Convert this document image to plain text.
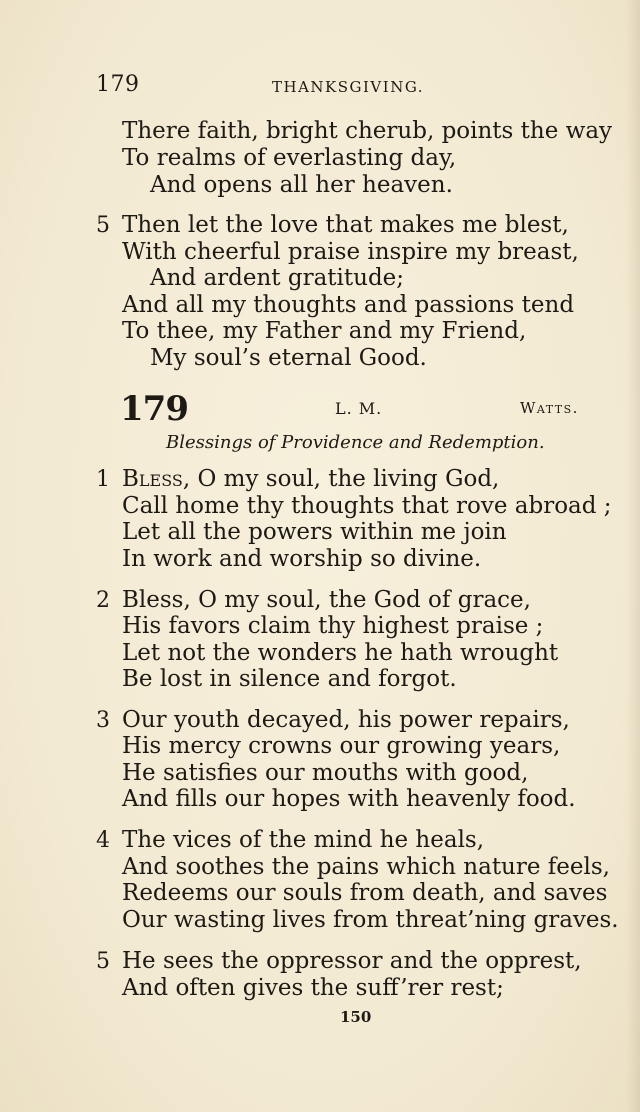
179	THANKSGIVING.
There faith, bright cherub, points the way
To realms of everlasting day,
And opens all her heaven.
5 Then let the love that makes me blest,
With cheerful praise inspire my breast,
And ardent gratitude;
And all my thoughts and passions tend
To thee, my Father and my Friend,
My soul’s eternal Good.
179	L. M.	Watts.
Blessings of Providence and Redemption.
1 Bless, O my soul, the living God,
Call home thy thoughts that rove abroad ;
Let all the powers within me join
In work and worship so divine.
2 Bless, O my soul, the God of grace,
His favors claim thy highest praise ;
Let not the wonders he hath wrought
Be lost in silence and forgot.
3 Our youth decayed, his power repairs,
His mercy crowns our growing years,
He satisfies our mouths with good,
And fills our hopes with heavenly food.
4 The vices of the mind he heals,
And soothes the pains which nature feels,
Redeems our souls from death, and saves
Our wasting lives from threat’ning graves.
5 He sees the oppressor and the opprest,
And often gives the suff’rer rest;
150
